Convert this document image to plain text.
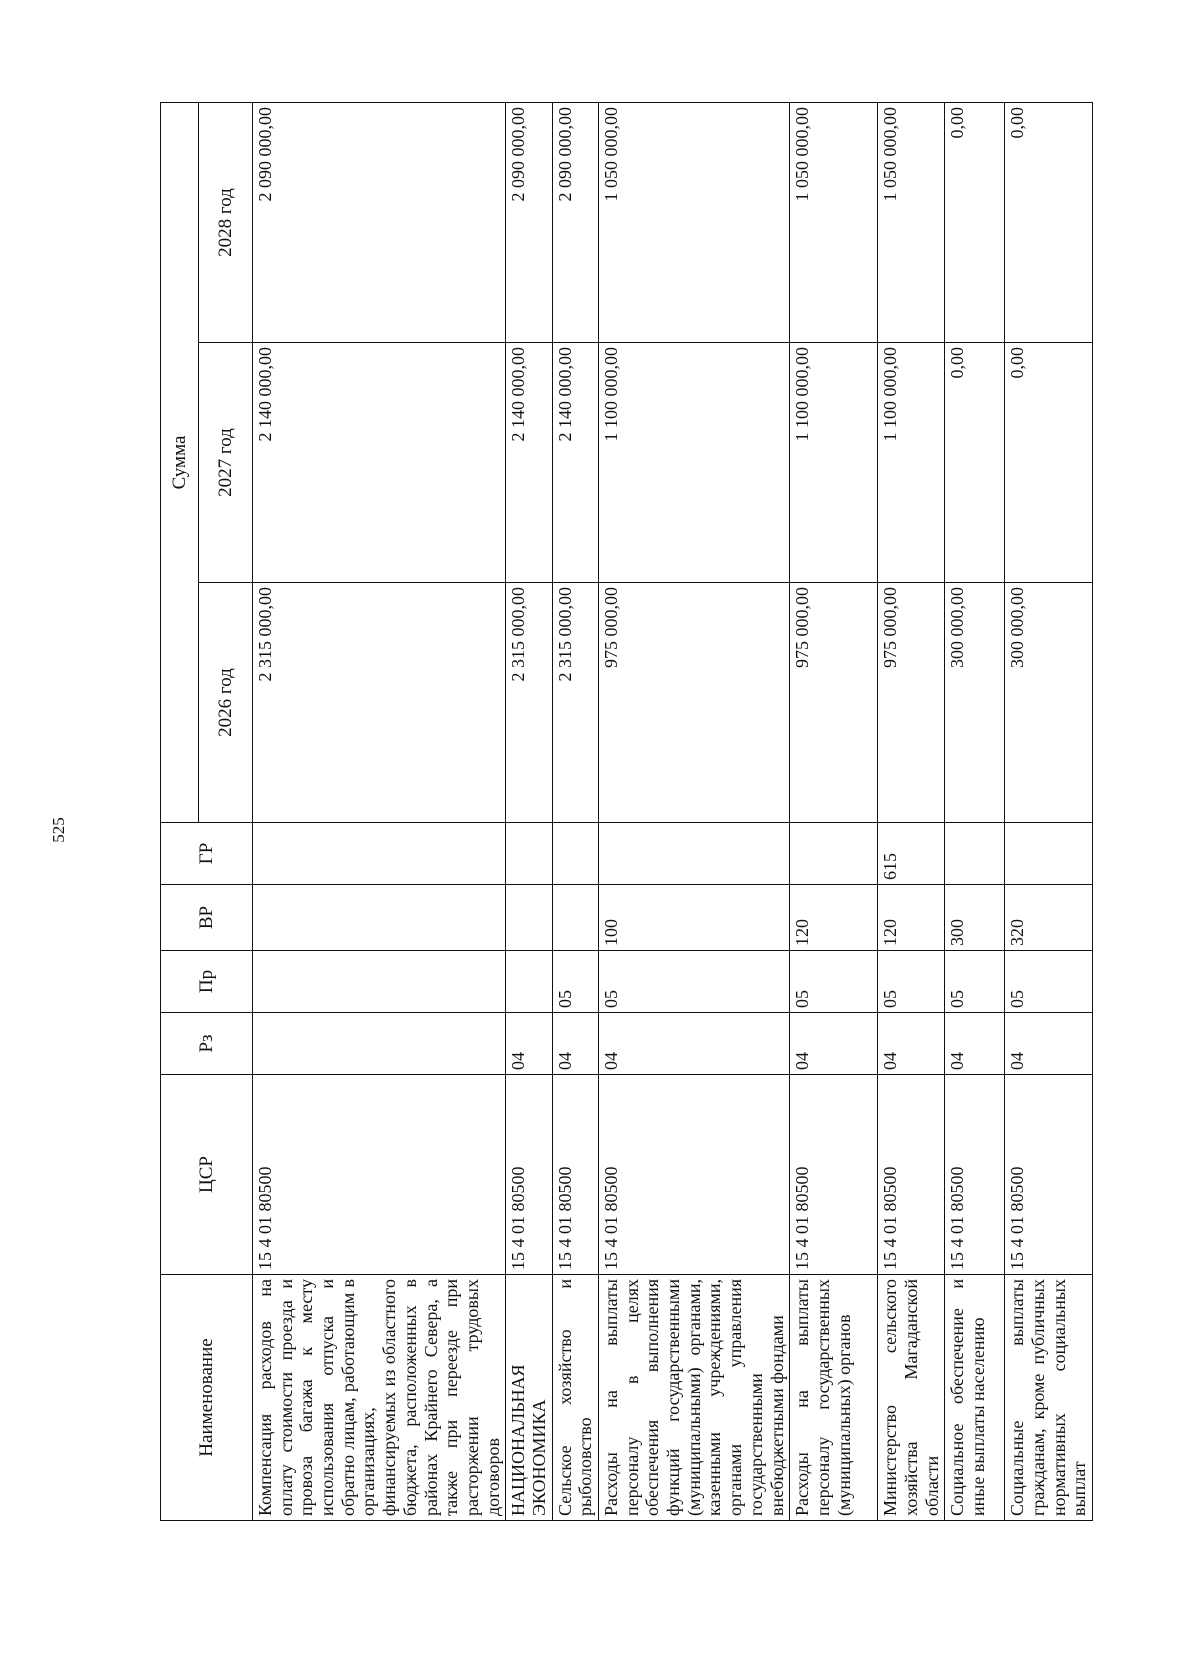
525
Наименование	ЦСР	Рз	Пр	ВР	ГР	Сумма		
						2026 год	2027 год	2028 год
Компенсация расходов на оплату стоимости проезда и провоза багажа к месту использования отпуска и обратно лицам, работающим в организациях, финансируемых из областного бюджета, расположенных в районах Крайнего Севера, а также при переезде при расторжении трудовых договоров	15 4 01 80500					2 315 000,00	2 140 000,00	2 090 000,00
НАЦИОНАЛЬНАЯ ЭКОНОМИКА	15 4 01 80500	04				2 315 000,00	2 140 000,00	2 090 000,00
Сельское хозяйство и рыболовство	15 4 01 80500	04	05			2 315 000,00	2 140 000,00	2 090 000,00
Расходы на выплаты персоналу в целях обеспечения выполнения функций государственными (муниципальными) органами, казенными учреждениями, органами управления государственными внебюджетными фондами	15 4 01 80500	04	05	100		975 000,00	1 100 000,00	1 050 000,00
Расходы на выплаты персоналу государственных (муниципальных) органов	15 4 01 80500	04	05	120		975 000,00	1 100 000,00	1 050 000,00
Министерство сельского хозяйства Магаданской области	15 4 01 80500	04	05	120	615	975 000,00	1 100 000,00	1 050 000,00
Социальное обеспечение и иные выплаты населению	15 4 01 80500	04	05	300		300 000,00	0,00	0,00
Социальные выплаты гражданам, кроме публичных нормативных социальных выплат	15 4 01 80500	04	05	320		300 000,00	0,00	0,00
